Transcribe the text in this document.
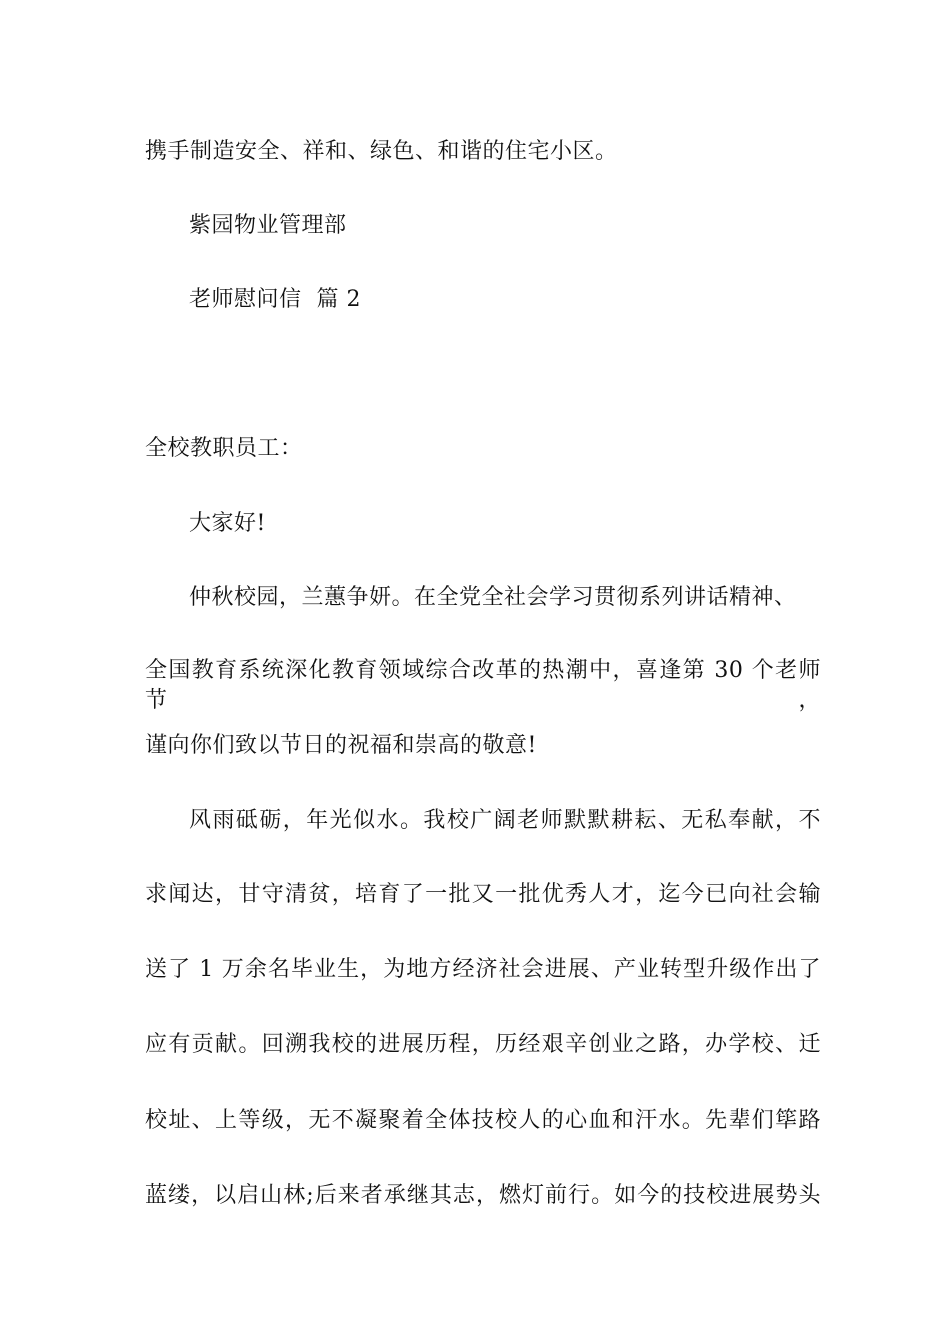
携手制造安全、祥和、绿色、和谐的住宅小区。
紫园物业管理部
老师慰问信  篇 2
全校教职员工：
大家好!
仲秋校园，兰蕙争妍。在全党全社会学习贯彻系列讲话精神、
全国教育系统深化教育领域综合改革的热潮中，喜逢第 30 个老师节，
谨向你们致以节日的祝福和崇高的敬意!
风雨砥砺，年光似水。我校广阔老师默默耕耘、无私奉献，不
求闻达，甘守清贫，培育了一批又一批优秀人才，迄今已向社会输
送了 1 万余名毕业生，为地方经济社会进展、产业转型升级作出了
应有贡献。回溯我校的进展历程，历经艰辛创业之路，办学校、迁
校址、上等级，无不凝聚着全体技校人的心血和汗水。先辈们筚路
蓝缕，以启山林;后来者承继其志，燃灯前行。如今的技校进展势头
